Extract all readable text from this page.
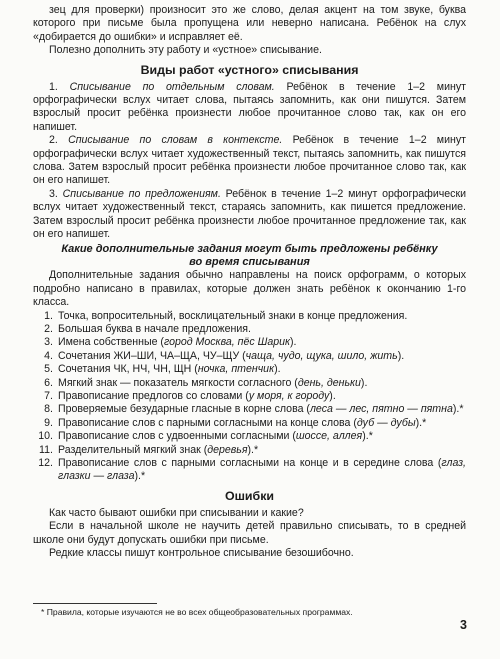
зец для проверки) произносит это же слово, делая акцент на том звуке, буква которого при письме была пропущена или неверно написана. Ребёнок на слух «добирается до ошибки» и исправляет её.

Полезно дополнить эту работу и «устное» списывание.

Виды работ «устного» списывания

1. Списывание по отдельным словам. Ребёнок в течение 1–2 минут орфографически вслух читает слова, пытаясь запомнить, как они пишутся. Затем взрослый просит ребёнка произнести любое прочитанное слово так, как он его напишет.

2. Списывание по словам в контексте. Ребёнок в течение 1–2 минут орфографически вслух читает художественный текст, пытаясь запомнить, как пишутся слова. Затем взрослый просит ребёнка произнести любое прочитанное слово так, как он его напишет.

3. Списывание по предложениям. Ребёнок в течение 1–2 минут орфографически вслух читает художественный текст, стараясь запомнить, как пишется предложение. Затем взрослый просит ребёнка произнести любое прочитанное предложение так, как он его напишет.

Какие дополнительные задания могут быть предложены ребёнку
во время списывания

Дополнительные задания обычно направлены на поиск орфограмм, о которых подробно написано в правилах, которые должен знать ребёнок к окончанию 1-го класса.

1. Точка, вопросительный, восклицательный знаки в конце предложения.
2. Большая буква в начале предложения.
3. Имена собственные (город Москва, пёс Шарик).
4. Сочетания ЖИ–ШИ, ЧА–ЩА, ЧУ–ЩУ (чаща, чудо, щука, шило, жить).
5. Сочетания ЧК, НЧ, ЧН, ЩН (ночка, птенчик).
6. Мягкий знак — показатель мягкости согласного (день, деньки).
7. Правописание предлогов со словами (у моря, к городу).
8. Проверяемые безударные гласные в корне слова (леса — лес, пятно — пятна).*
9. Правописание слов с парными согласными на конце слова (дуб — дубы).*
10. Правописание слов с удвоенными согласными (шоссе, аллея).*
11. Разделительный мягкий знак (деревья).*
12. Правописание слов с парными согласными на конце и в середине слова (глаз, глазки — глаза).*
Ошибки

Как часто бывают ошибки при списывании и какие?

Если в начальной школе не научить детей правильно списывать, то в средней школе они будут допускать ошибки при письме.

Редкие классы пишут контрольное списывание безошибочно.

* Правила, которые изучаются не во всех общеобразовательных программах.
3
